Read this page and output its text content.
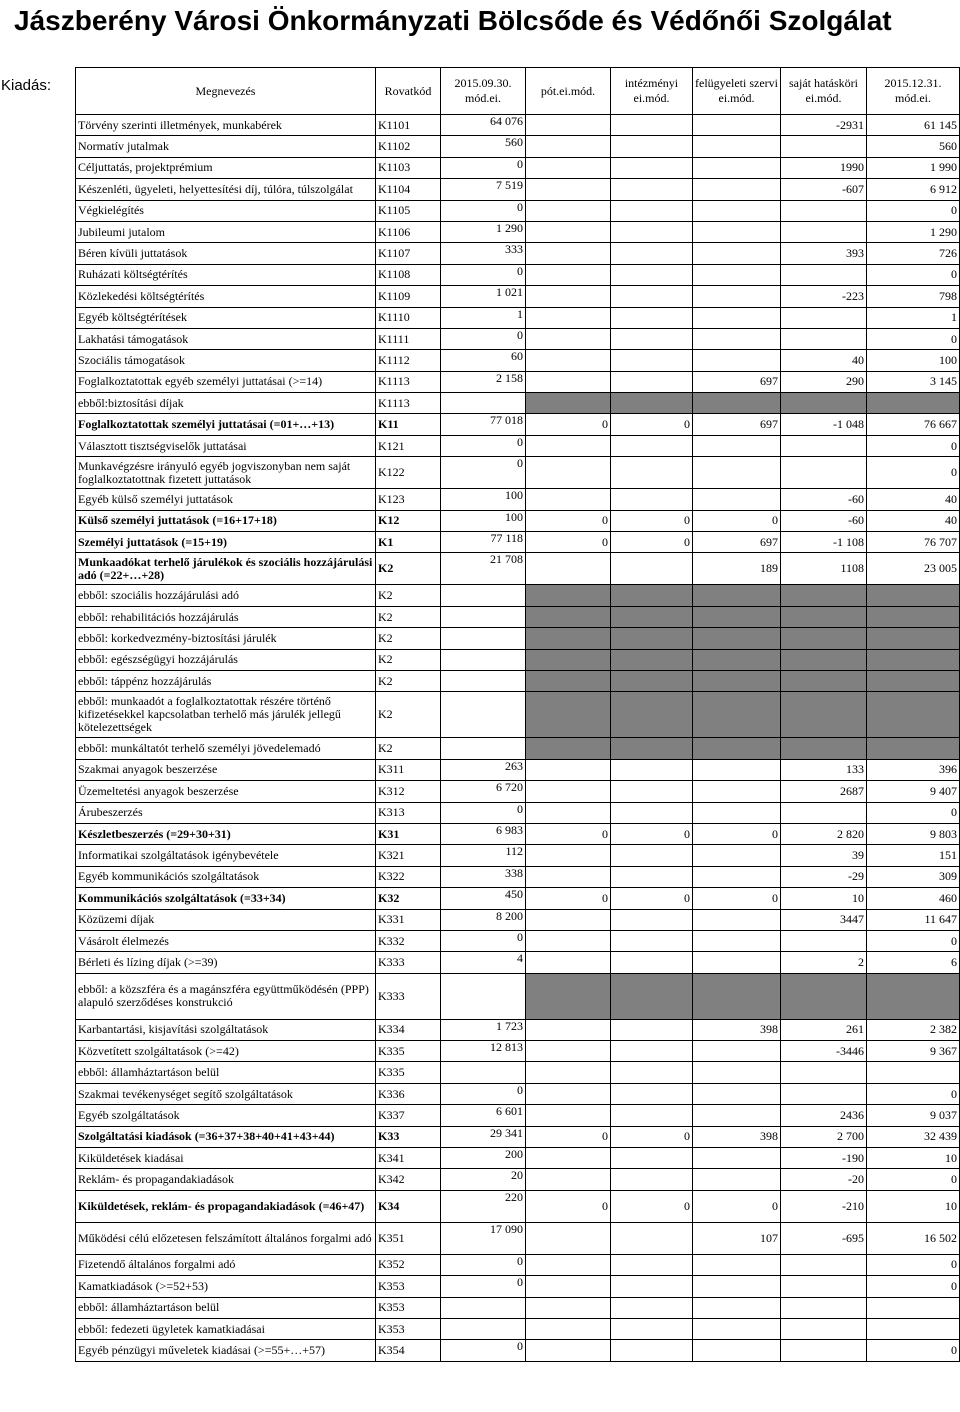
Jászberény Városi Önkormányzati Bölcsőde és Védőnői Szolgálat
Kiadás:	Megnevezés	Rovatkód	2015.09.30. mód.ei.	pót.ei.mód.	intézményi ei.mód.	felügyeleti szervi ei.mód.	saját hatásköri ei.mód.	2015.12.31. mód.ei.
Törvény szerinti illetmények, munkabérek	K1101	64 076				-2931	61 145
Normatív jutalmak	K1102	560					560
Céljuttatás, projektprémium	K1103	0				1990	1 990
Készenléti, ügyeleti, helyettesítési díj, túlóra, túlszolgálat	K1104	7 519				-607	6 912
Végkielégítés	K1105	0					0
Jubileumi jutalom	K1106	1 290					1 290
Béren kívüli juttatások	K1107	333				393	726
Ruházati költségtérítés	K1108	0					0
Közlekedési költségtérítés	K1109	1 021				-223	798
Egyéb költségtérítések	K1110	1					1
Lakhatási támogatások	K1111	0					0
Szociális támogatások	K1112	60				40	100
Foglalkoztatottak egyéb személyi juttatásai (>=14)	K1113	2 158			697	290	3 145
ebből:biztosítási díjak	K1113						
Foglalkoztatottak személyi juttatásai (=01+…+13)	K11	77 018	0	0	697	-1 048	76 667
Választott tisztségviselők juttatásai	K121	0					0
Munkavégzésre irányuló egyéb jogviszonyban nem saját foglalkoztatottnak fizetett juttatások	K122	0					0
Egyéb külső személyi juttatások	K123	100				-60	40
Külső személyi juttatások (=16+17+18)	K12	100	0	0	0	-60	40
Személyi juttatások (=15+19)	K1	77 118	0	0	697	-1 108	76 707
Munkaadókat terhelő járulékok és szociális hozzájárulási adó (=22+…+28)	K2	21 708			189	1108	23 005
ebből: szociális hozzájárulási adó	K2						
ebből: rehabilitációs hozzájárulás	K2						
ebből: korkedvezmény-biztosítási járulék	K2						
ebből: egészségügyi hozzájárulás	K2						
ebből: táppénz hozzájárulás	K2						
ebből: munkaadót a foglalkoztatottak részére történő kifizetésekkel kapcsolatban terhelő más járulék jellegű kötelezettségek	K2						
ebből: munkáltatót terhelő személyi jövedelemadó	K2						
Szakmai anyagok beszerzése	K311	263				133	396
Üzemeltetési anyagok beszerzése	K312	6 720				2687	9 407
Árubeszerzés	K313	0					0
Készletbeszerzés (=29+30+31)	K31	6 983	0	0	0	2 820	9 803
Informatikai szolgáltatások igénybevétele	K321	112				39	151
Egyéb kommunikációs szolgáltatások	K322	338				-29	309
Kommunikációs szolgáltatások (=33+34)	K32	450	0	0	0	10	460
Közüzemi díjak	K331	8 200				3447	11 647
Vásárolt élelmezés	K332	0					0
Bérleti és lízing díjak (>=39)	K333	4				2	6
ebből: a közszféra és a magánszféra együttműködésén (PPP) alapuló szerződéses konstrukció	K333						
Karbantartási, kisjavítási szolgáltatások	K334	1 723			398	261	2 382
Közvetített szolgáltatások (>=42)	K335	12 813				-3446	9 367
ebből: államháztartáson belül	K335						
Szakmai tevékenységet segítő szolgáltatások	K336	0					0
Egyéb szolgáltatások	K337	6 601				2436	9 037
Szolgáltatási kiadások (=36+37+38+40+41+43+44)	K33	29 341	0	0	398	2 700	32 439
Kiküldetések kiadásai	K341	200				-190	10
Reklám- és propagandakiadások	K342	20				-20	0
Kiküldetések, reklám- és propagandakiadások (=46+47)	K34	220	0	0	0	-210	10
Működési célú előzetesen felszámított általános forgalmi adó	K351	17 090			107	-695	16 502
Fizetendő általános forgalmi adó	K352	0					0
Kamatkiadások (>=52+53)	K353	0					0
ebből: államháztartáson belül	K353						
ebből: fedezeti ügyletek kamatkiadásai	K353						
Egyéb pénzügyi műveletek kiadásai (>=55+…+57)	K354	0					0
